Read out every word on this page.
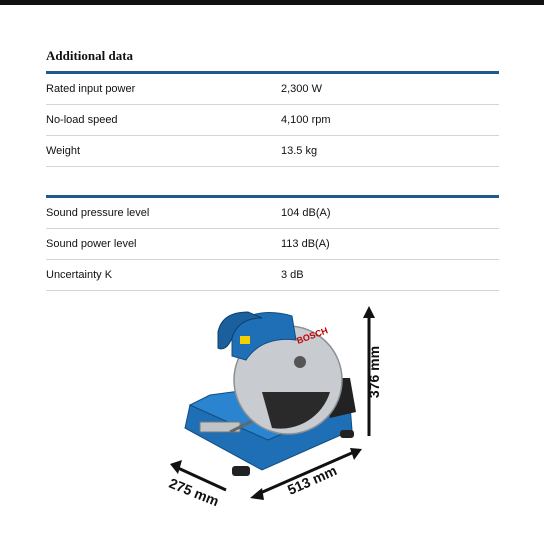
Additional data
Rated input power	2,300 W
No-load speed	4,100 rpm
Weight	13.5 kg
Sound pressure level	104 dB(A)
Sound power level	113 dB(A)
Uncertainty K	3 dB
BOSCH
376 mm
513 mm
275 mm
